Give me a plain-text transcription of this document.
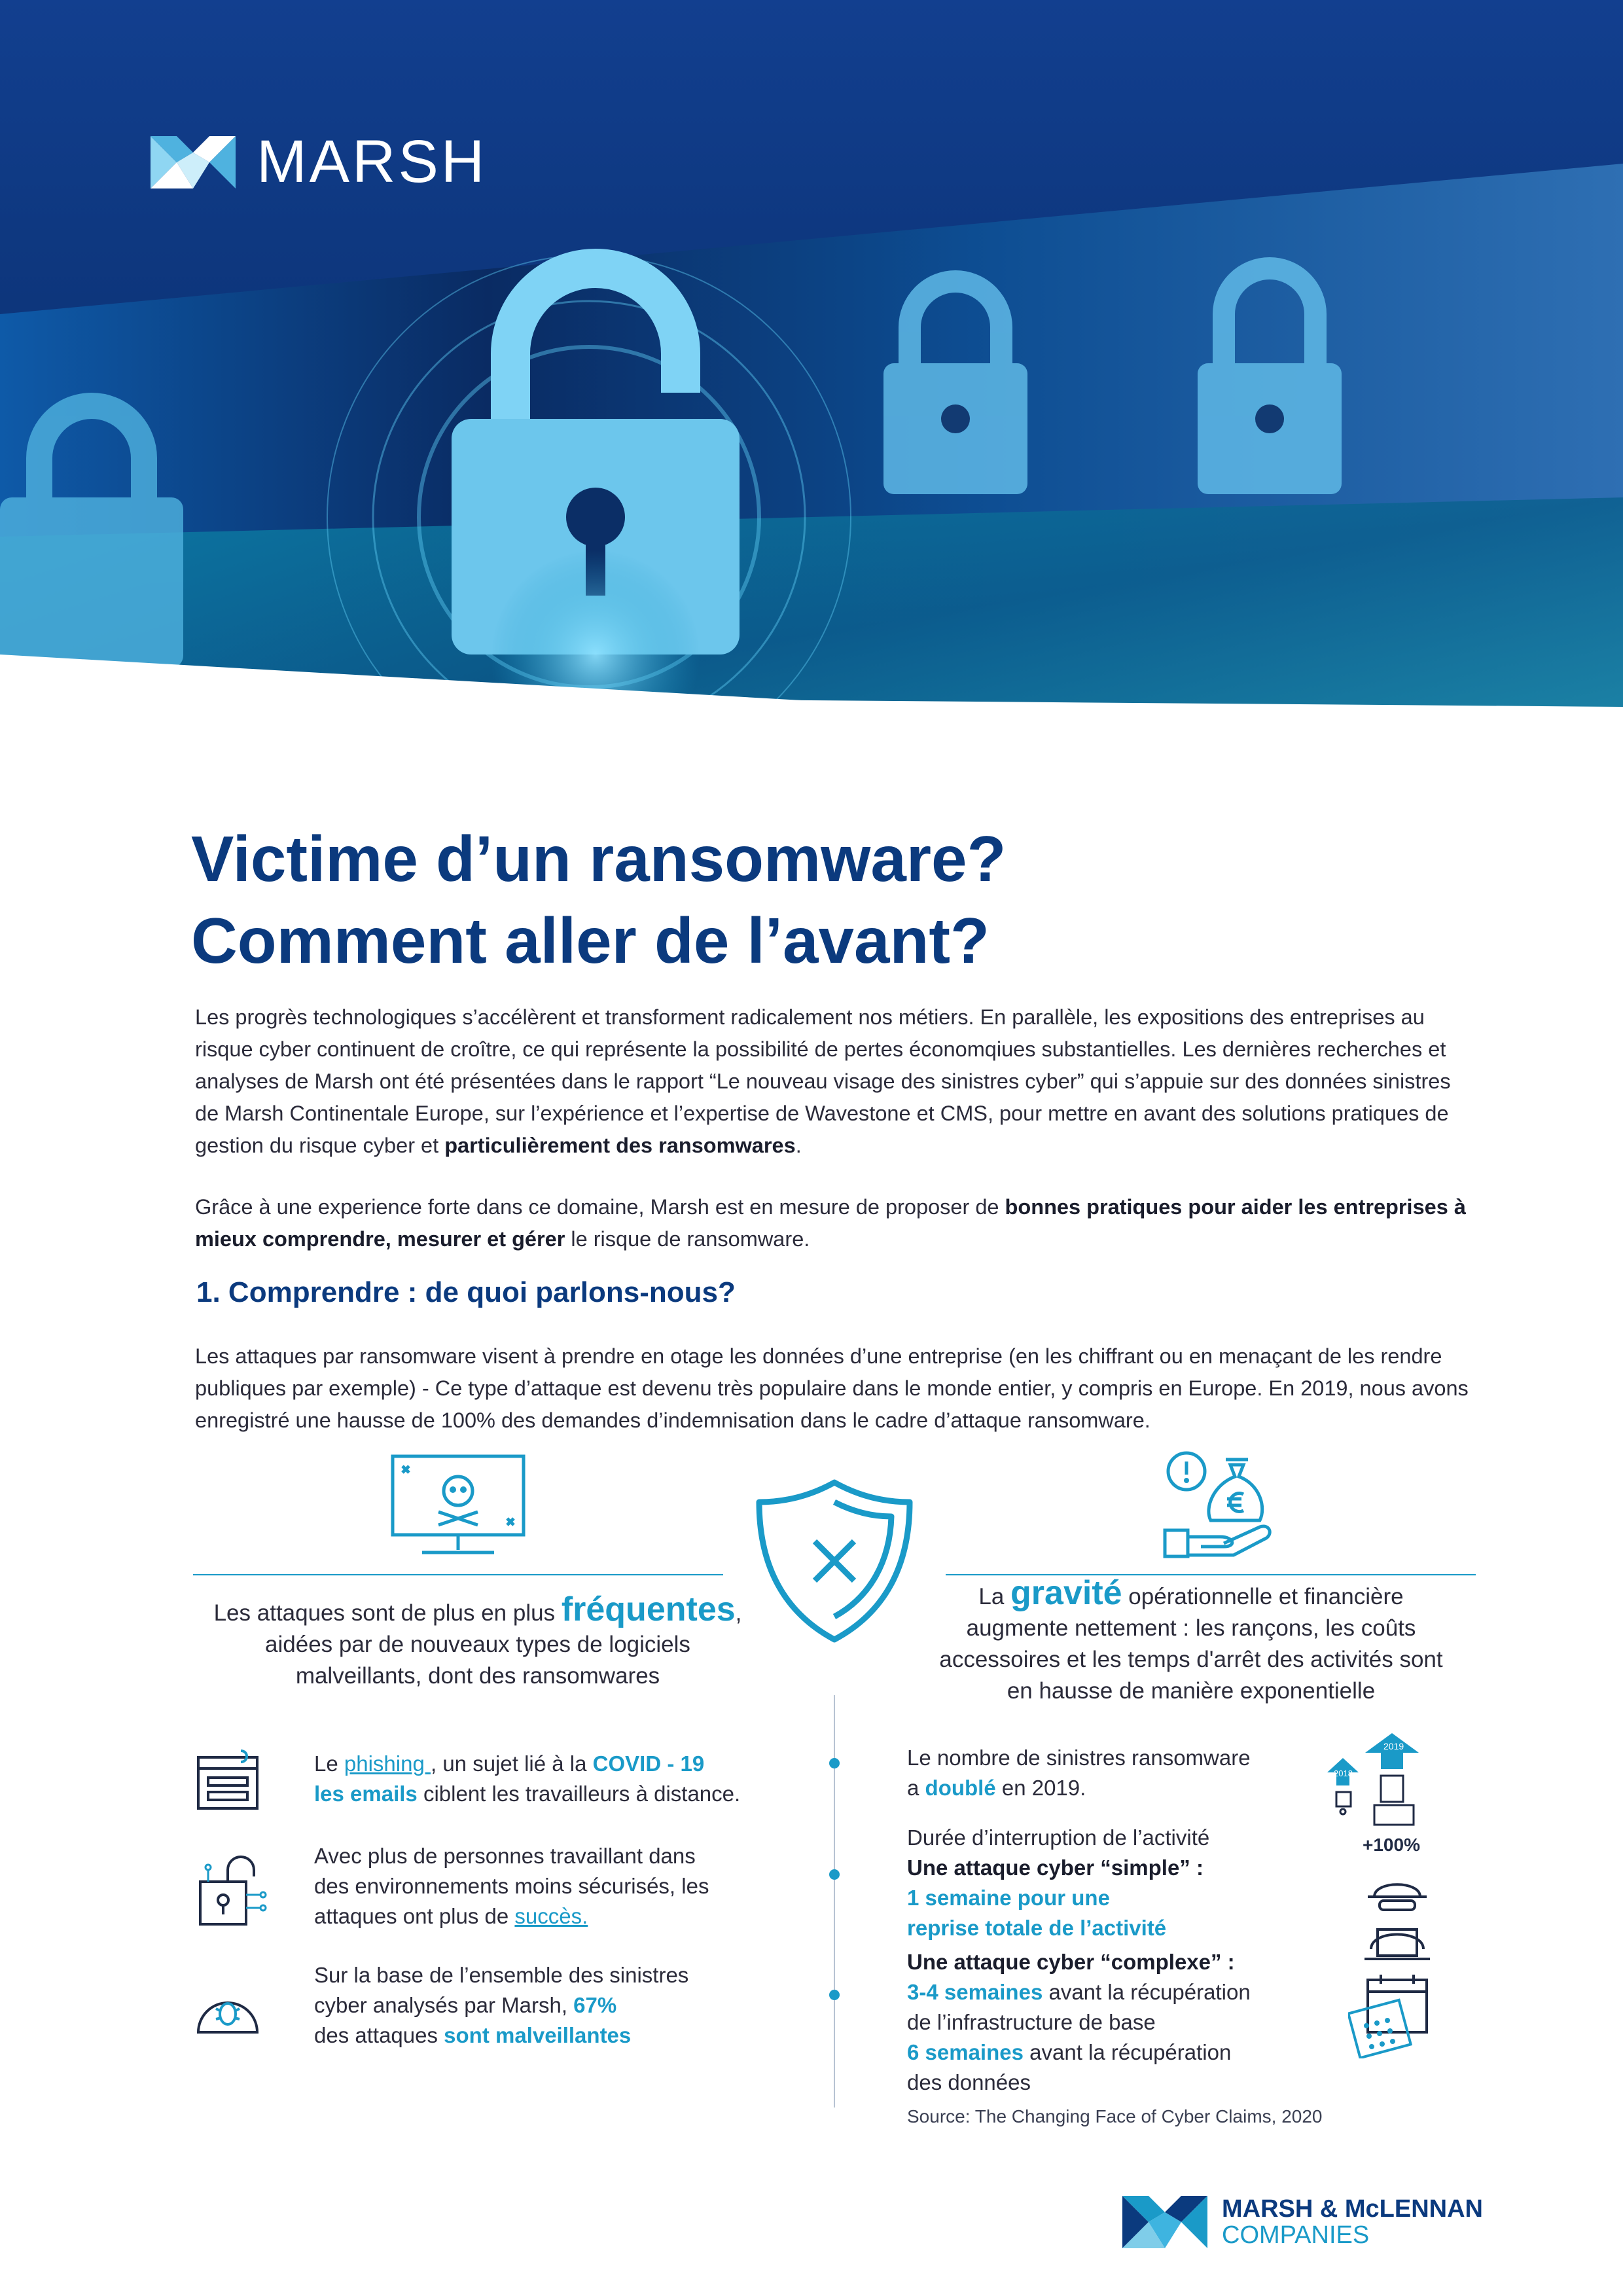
MARSH
Victime d’un ransomware?
Comment aller de l’avant?
Les progrès technologiques s’accélèrent et transforment radicalement nos métiers. En parallèle, les expositions des entreprises au risque cyber continuent de croître, ce qui représente la possibilité de pertes économqiues substantielles. Les dernières recherches et analyses de Marsh ont été présentées dans le rapport “Le nouveau visage des sinistres cyber” qui s’appuie sur des données sinistres de Marsh Continentale Europe, sur l’expérience et l’expertise de Wavestone et CMS, pour mettre en avant des solutions pratiques de gestion du risque cyber et particulièrement des ransomwares.
Grâce à une experience forte dans ce domaine, Marsh est en mesure de proposer de bonnes pratiques pour aider les entreprises à mieux comprendre, mesurer et gérer le risque de ransomware.
1. Comprendre : de quoi parlons-nous?
Les attaques par ransomware visent à prendre en otage les données d’une entreprise (en les chiffrant ou en menaçant de les rendre publiques par exemple) - Ce type d’attaque est devenu très populaire dans le monde entier, y compris en Europe. En 2019, nous avons enregistré une hausse de 100% des demandes d’indemnisation dans le cadre d’attaque ransomware.
Les attaques sont de plus en plus fréquentes,
aidées par de nouveaux types de logiciels
malveillants, dont des ransomwares
La gravité opérationnelle et financière
augmente nettement : les rançons, les coûts
accessoires et les temps d'arrêt des activités sont
en hausse de manière exponentielle
Le phishing , un sujet lié à la COVID - 19
les emails ciblent les travailleurs à distance.
Avec plus de personnes travaillant dans
des environnements moins sécurisés, les
attaques ont plus de succès.
Sur la base de l’ensemble des sinistres
cyber analysés par Marsh, 67%
des attaques sont malveillantes
Le nombre de sinistres ransomware
a doublé en 2019.
Durée d’interruption de l’activité
Une attaque cyber “simple” :
1 semaine pour une
reprise totale de l’activité
Une attaque cyber “complexe” :
3-4 semaines avant la récupération
de l’infrastructure de base
6 semaines avant la récupération
des données
2018
2019
+100%
Source: The Changing Face of Cyber Claims, 2020
MARSH & McLENNAN
COMPANIES
